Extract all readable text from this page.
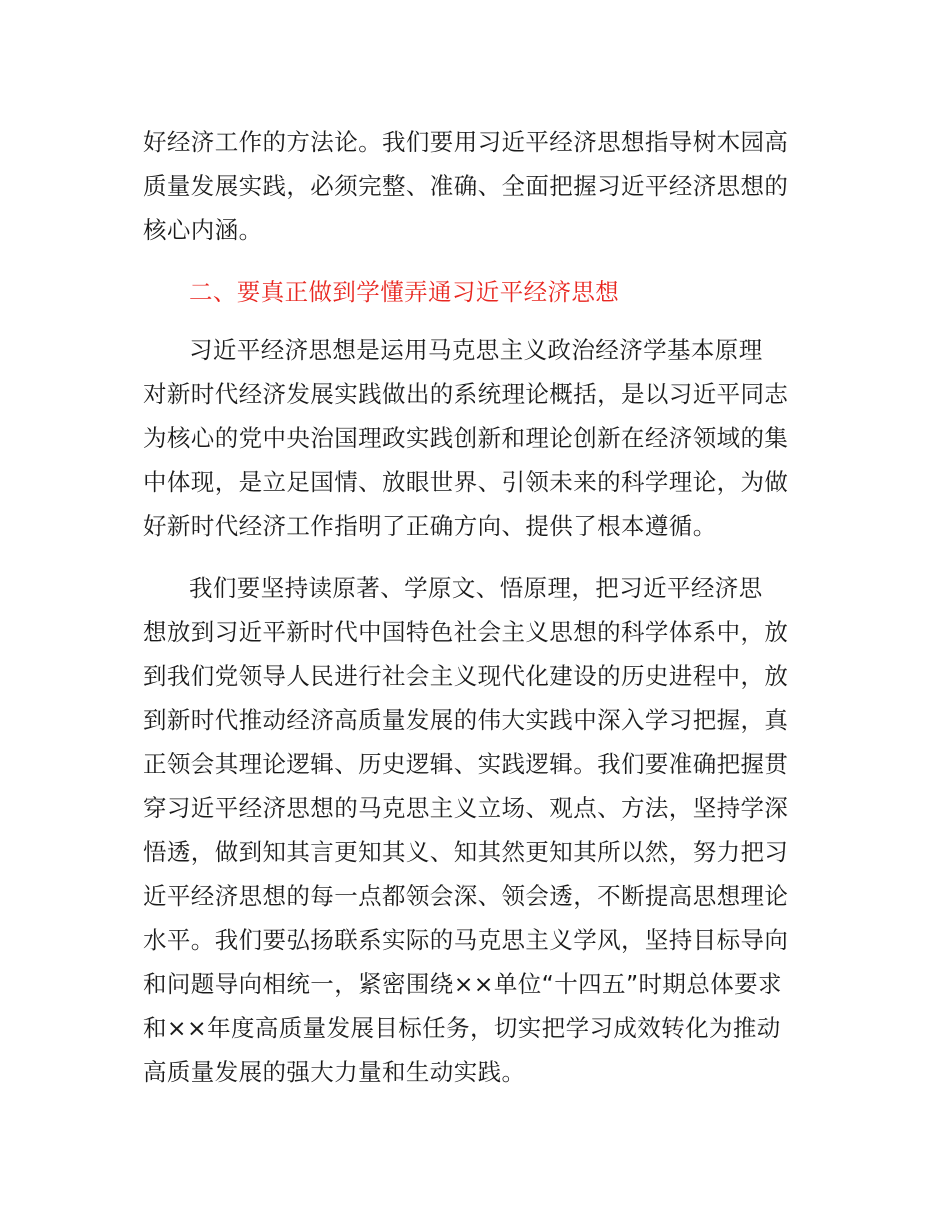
好经济工作的方法论。我们要用习近平经济思想指导树木园高
质量发展实践，必须完整、准确、全面把握习近平经济思想的
核心内涵。
二、要真正做到学懂弄通习近平经济思想
习近平经济思想是运用马克思主义政治经济学基本原理
对新时代经济发展实践做出的系统理论概括，是以习近平同志
为核心的党中央治国理政实践创新和理论创新在经济领域的集
中体现，是立足国情、放眼世界、引领未来的科学理论，为做
好新时代经济工作指明了正确方向、提供了根本遵循。
我们要坚持读原著、学原文、悟原理，把习近平经济思
想放到习近平新时代中国特色社会主义思想的科学体系中，放
到我们党领导人民进行社会主义现代化建设的历史进程中，放
到新时代推动经济高质量发展的伟大实践中深入学习把握，真
正领会其理论逻辑、历史逻辑、实践逻辑。我们要准确把握贯
穿习近平经济思想的马克思主义立场、观点、方法，坚持学深
悟透，做到知其言更知其义、知其然更知其所以然，努力把习
近平经济思想的每一点都领会深、领会透，不断提高思想理论
水平。我们要弘扬联系实际的马克思主义学风，坚持目标导向
和问题导向相统一，紧密围绕××单位“十四五”时期总体要求
和××年度高质量发展目标任务，切实把学习成效转化为推动
高质量发展的强大力量和生动实践。
